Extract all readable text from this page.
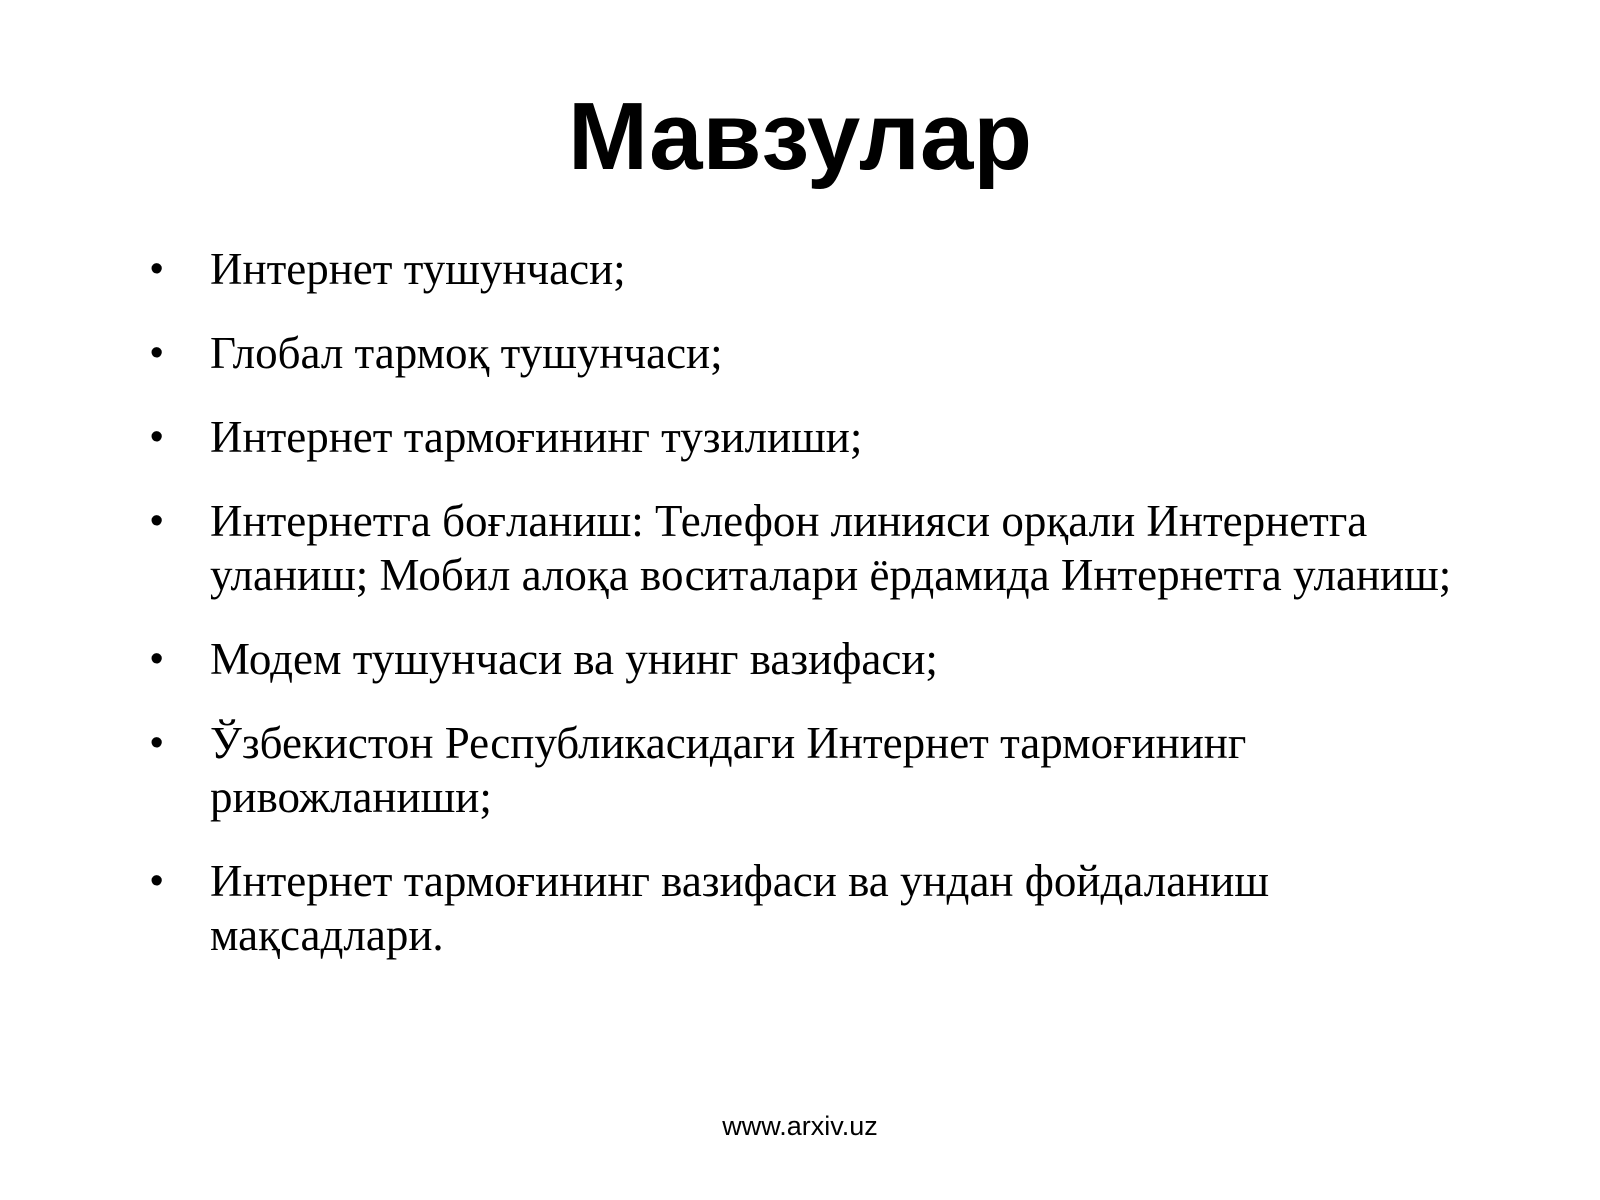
Мавзулар
• Интернет тушунчаси;
• Глобал тармоқ тушунчаси;
• Интернет тармоғининг тузилиши;
• Интернетга боғланиш: Телефон линияси орқали Интернетга уланиш; Мобил алоқа воситалари ёрдамида Интернетга уланиш;
• Модем тушунчаси ва унинг вазифаси;
• Ўзбекистон Республикасидаги Интернет тармоғининг ривожланиши;
• Интернет тармоғининг вазифаси ва ундан фойдаланиш мақсадлари.
www.arxiv.uz
